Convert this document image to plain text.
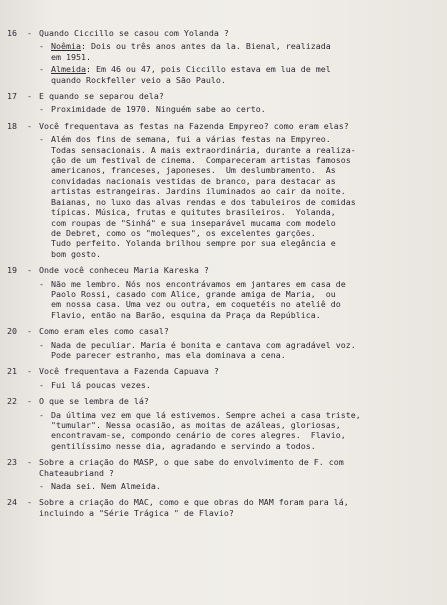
16	- Quando Ciccillo se casou com Yolanda ?
- Noêmia: Dois ou três anos antes da la. Bienal, realizada
em 1951.
- Almeida: Em 46 ou 47, pois Ciccillo estava em lua de mel
quando Rockfeller veio a São Paulo.
17	- E quando se separou dela?
- Proximidade de 1970. Ninguém sabe ao certo.
18	- Você frequentava as festas na Fazenda Empyreo? como eram elas?
- Além dos fins de semana, fui a várias festas na Empyreo.
Todas sensacionais. A mais extraordinária, durante a realiza-
ção de um festival de cinema.  Compareceram artistas famosos
americanos, franceses, japoneses.  Um deslumbramento.  As
convidadas nacionais vestidas de branco, para destacar as
artistas estrangeiras. Jardins iluminados ao cair da noite.
Baianas, no luxo das alvas rendas e dos tabuleiros de comidas
típicas. Música, frutas e quitutes brasileiros.  Yolanda,
com roupas de "Sinhá" e sua inseparável mucama com modelo
de Debret, como os "moleques", os excelentes garções.
Tudo perfeito. Yolanda brilhou sempre por sua elegância e
bom gosto.
19	- Onde você conheceu Maria Kareska ?
- Não me lembro. Nós nos encontrávamos em jantares em casa de
Paolo Rossi, casado com Alice, grande amiga de Maria,  ou
em nossa casa. Uma vez ou outra, em coquetéis no ateliê do
Flavio, então na Barão, esquina da Praça da República.
20	- Como eram eles como casal?
- Nada de peculiar. Maria é bonita e cantava com agradável voz.
Pode parecer estranho, mas ela dominava a cena.
21	- Você frequentava a Fazenda Capuava ?
- Fui lá poucas vezes.
22	- O que se lembra de lá?
- Da última vez em que lá estivemos. Sempre achei a casa triste,
"tumular". Nessa ocasião, as moitas de azáleas, gloriosas,
encontravam-se, compondo cenário de cores alegres.  Flavio,
gentilíssimo nesse dia, agradando e servindo a todos.
23	- Sobre a criação do MASP, o que sabe do envolvimento de F. com
Chateaubriand ?
- Nada sei. Nem Almeida.
24	- Sobre a criação do MAC, como e que obras do MAM foram para lá,
incluindo a "Série Trágica " de Flavio?
